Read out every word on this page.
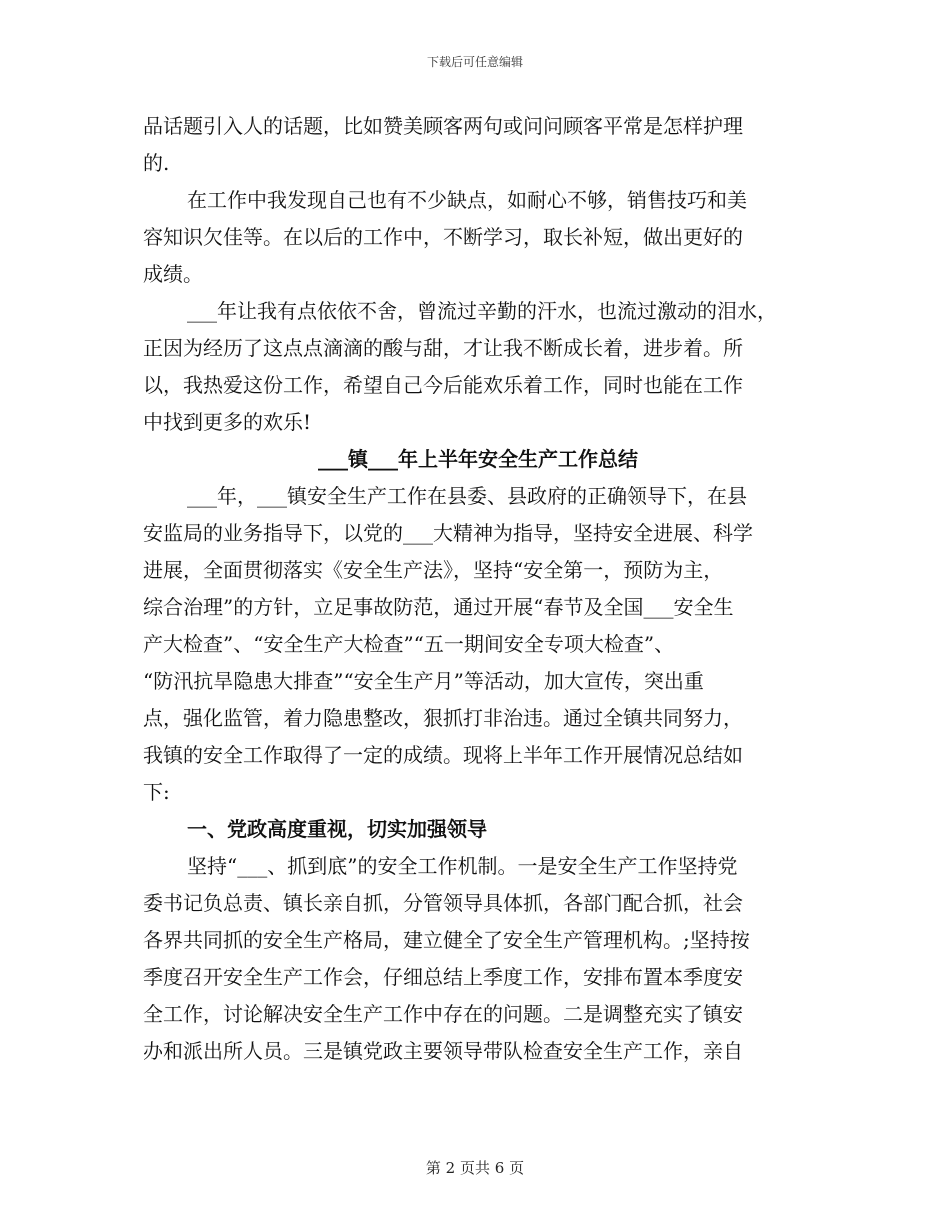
下载后可任意编辑
品话题引入人的话题，比如赞美顾客两句或问问顾客平常是怎样护理
的.
在工作中我发现自己也有不少缺点，如耐心不够，销售技巧和美
容知识欠佳等。在以后的工作中，不断学习，取长补短，做出更好的
成绩。
___年让我有点依依不舍，曾流过辛勤的汗水，也流过激动的泪水，
正因为经历了这点点滴滴的酸与甜，才让我不断成长着，进步着。所
以，我热爱这份工作，希望自己今后能欢乐着工作，同时也能在工作
中找到更多的欢乐!
___镇___年上半年安全生产工作总结
___年，___镇安全生产工作在县委、县政府的正确领导下，在县
安监局的业务指导下，以党的___大精神为指导，坚持安全进展、科学
进展，全面贯彻落实《安全生产法》，坚持“安全第一，预防为主，
综合治理”的方针，立足事故防范，通过开展“春节及全国___安全生
产大检查”、“安全生产大检查”“五一期间安全专项大检查”、
“防汛抗旱隐患大排查”“安全生产月”等活动，加大宣传，突出重
点，强化监管，着力隐患整改，狠抓打非治违。通过全镇共同努力，
我镇的安全工作取得了一定的成绩。现将上半年工作开展情况总结如
下:
一、党政高度重视，切实加强领导
坚持“___、抓到底”的安全工作机制。一是安全生产工作坚持党
委书记负总责、镇长亲自抓，分管领导具体抓，各部门配合抓，社会
各界共同抓的安全生产格局，建立健全了安全生产管理机构。;坚持按
季度召开安全生产工作会，仔细总结上季度工作，安排布置本季度安
全工作，讨论解决安全生产工作中存在的问题。二是调整充实了镇安
办和派出所人员。三是镇党政主要领导带队检查安全生产工作，亲自
第 2 页共 6 页
